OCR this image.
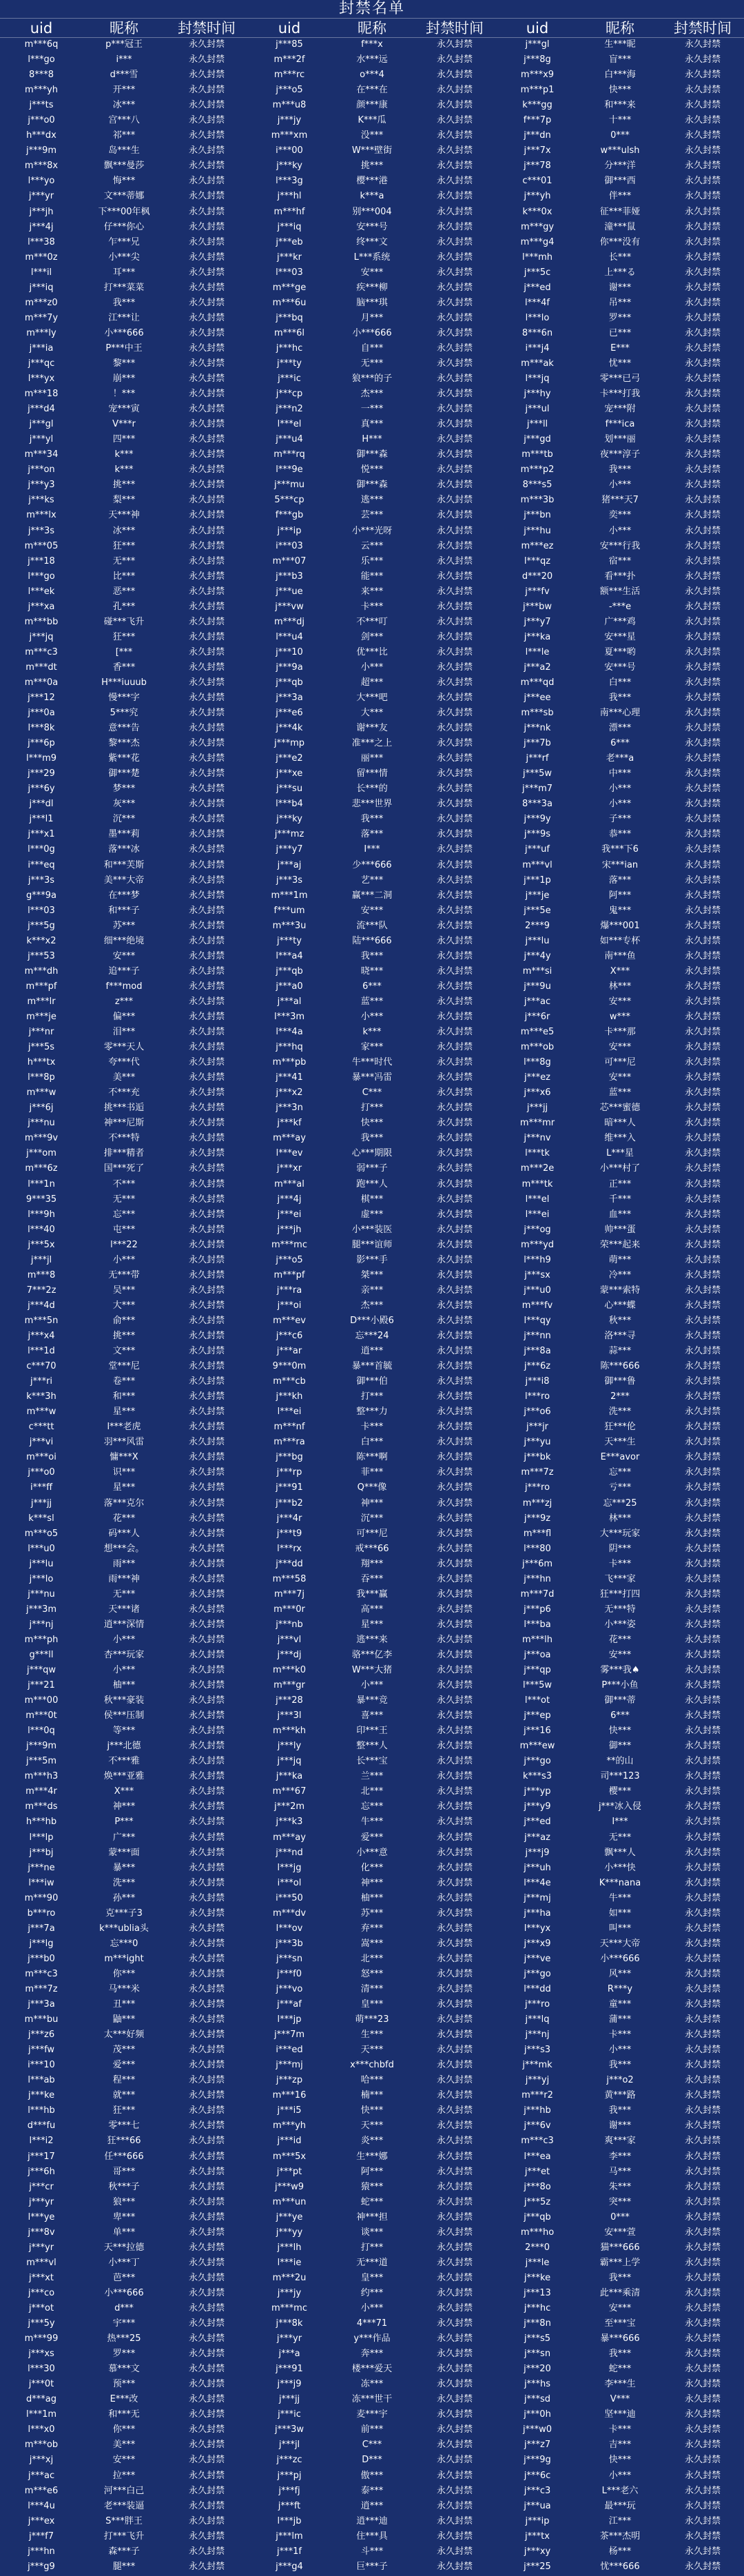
封禁名单
uid	昵称	封禁时间	uid	昵称	封禁时间	uid	昵称	封禁时间
m***6q	p***冠王	永久封禁	j***85	f***x	永久封禁	j***gl	生***昵	永久封禁
l***go	i***	永久封禁	m***2f	水***远	永久封禁	j***8g	盲***	永久封禁
8***8	d***雪	永久封禁	m***rc	o***4	永久封禁	m***x9	白***海	永久封禁
m***yh	开***	永久封禁	j***o5	在***在	永久封禁	m***p1	快***	永久封禁
j***ts	冰***	永久封禁	m***u8	颜***康	永久封禁	k***gg	和***来	永久封禁
j***o0	宫***八	永久封禁	j***jy	K***瓜	永久封禁	f***7p	十***	永久封禁
h***dx	祁***	永久封禁	m***xm	没***	永久封禁	j***dn	0***	永久封禁
j***9m	岛***生	永久封禁	i***00	W***壁街	永久封禁	j***7x	w***ulsh	永久封禁
m***8x	飘***曼莎	永久封禁	j***ky	挑***	永久封禁	j***78	分***洋	永久封禁
l***yo	悔***	永久封禁	l***3g	樱***港	永久封禁	c***01	御***西	永久封禁
j***yr	文***蒂娜	永久封禁	j***hl	k***a	永久封禁	j***yh	伴***	永久封禁
j***jh	下***00年枫	永久封禁	m***hf	别***004	永久封禁	k***0x	征***菲娅	永久封禁
j***4j	仔***你心	永久封禁	j***iq	安***号	永久封禁	m***gy	潼***鼠	永久封禁
l***38	乍***兄	永久封禁	j***eb	终***文	永久封禁	m***g4	你***没有	永久封禁
m***0z	小***尖	永久封禁	j***kr	L***系统	永久封禁	l***mh	长***	永久封禁
l***il	耳***	永久封禁	l***03	安***	永久封禁	j***5c	上***る	永久封禁
j***iq	打***菜菜	永久封禁	m***ge	疾***柳	永久封禁	j***ed	谢***	永久封禁
m***z0	我***	永久封禁	m***6u	脑***琪	永久封禁	l***4f	吊***	永久封禁
m***7y	江***让	永久封禁	j***bq	月***	永久封禁	l***lo	罗***	永久封禁
m***ly	小***666	永久封禁	m***6l	小***666	永久封禁	8***6n	已***	永久封禁
j***ia	P***中王	永久封禁	j***hc	自***	永久封禁	i***j4	E***	永久封禁
j***qc	黎***	永久封禁	j***ty	无***	永久封禁	m***ak	忧***	永久封禁
l***yx	崩***	永久封禁	j***ic	狼***的子	永久封禁	l***jq	零***已弓	永久封禁
m***18	！***	永久封禁	j***cp	杰***	永久封禁	j***hy	卡***打我	永久封禁
j***d4	宠***寅	永久封禁	j***n2	一***	永久封禁	j***ul	宠***附	永久封禁
j***gl	V***r	永久封禁	l***el	真***	永久封禁	j***ll	f***ica	永久封禁
j***yl	四***	永久封禁	j***u4	H***	永久封禁	j***gd	划***丽	永久封禁
m***34	k***	永久封禁	m***rq	御***森	永久封禁	m***tb	夜***淳子	永久封禁
j***on	k***	永久封禁	l***9e	悦***	永久封禁	m***p2	我***	永久封禁
j***y3	挑***	永久封禁	j***mu	御***森	永久封禁	8***s5	小***	永久封禁
j***ks	梨***	永久封禁	5***cp	逃***	永久封禁	m***3b	猪***天7	永久封禁
m***lx	天***神	永久封禁	f***gb	芸***	永久封禁	j***bn	奕***	永久封禁
j***3s	冰***	永久封禁	j***ip	小***光呀	永久封禁	j***hu	小***	永久封禁
m***05	狂***	永久封禁	i***03	云***	永久封禁	m***ez	安***行我	永久封禁
j***18	无***	永久封禁	m***07	乐***	永久封禁	l***qz	宿***	永久封禁
l***go	比***	永久封禁	j***b3	能***	永久封禁	d***20	看***扑	永久封禁
l***ek	恶***	永久封禁	j***ue	来***	永久封禁	j***fv	额***生活	永久封禁
j***xa	孔***	永久封禁	j***vw	卡***	永久封禁	j***bw	-***e	永久封禁
m***bb	碰***飞升	永久封禁	m***dj	不***叮	永久封禁	j***y7	广***鸡	永久封禁
j***jq	狂***	永久封禁	l***u4	剑***	永久封禁	j***ka	安***星	永久封禁
m***c3	[***	永久封禁	j***10	优***比	永久封禁	l***le	夏***哟	永久封禁
m***dt	香***	永久封禁	j***9a	小***	永久封禁	j***a2	安***号	永久封禁
m***0a	H***iuuub	永久封禁	j***qb	超***	永久封禁	m***qd	白***	永久封禁
j***12	慢***字	永久封禁	j***3a	大***吧	永久封禁	j***ee	我***	永久封禁
j***0a	5***究	永久封禁	j***e6	大***	永久封禁	m***sb	南***心理	永久封禁
l***8k	意***告	永久封禁	j***4k	谢***友	永久封禁	j***nk	漂***	永久封禁
j***6p	黎***杰	永久封禁	j***mp	准***之上	永久封禁	j***7b	6***	永久封禁
l***m9	紫***花	永久封禁	j***e2	丽***	永久封禁	j***rf	老***a	永久封禁
j***29	御***楚	永久封禁	j***xe	留***情	永久封禁	j***5w	中***	永久封禁
j***6y	梦***	永久封禁	j***su	长***的	永久封禁	j***m7	小***	永久封禁
j***dl	灰***	永久封禁	l***b4	悲***世界	永久封禁	8***3a	小***	永久封禁
j***l1	沉***	永久封禁	j***ky	我***	永久封禁	j***9y	子***	永久封禁
j***x1	墨***莉	永久封禁	j***mz	落***	永久封禁	j***9s	恭***	永久封禁
l***0g	落***冰	永久封禁	j***y7	I***	永久封禁	j***uf	我***下6	永久封禁
i***eq	和***芙斯	永久封禁	j***aj	少***666	永久封禁	m***vl	宋***ian	永久封禁
j***3s	美***大帝	永久封禁	j***3s	艺***	永久封禁	j***1p	落***	永久封禁
g***9a	在***梦	永久封禁	m***1m	赢***二洞	永久封禁	j***je	阿***	永久封禁
l***03	和***子	永久封禁	f***um	安***	永久封禁	j***5e	鬼***	永久封禁
j***5g	苏***	永久封禁	m***3u	流***队	永久封禁	2***9	爆***001	永久封禁
k***x2	细***绝境	永久封禁	j***ty	陆***666	永久封禁	j***lu	如***专杯	永久封禁
j***53	安***	永久封禁	l***a4	我***	永久封禁	j***4y	南***鱼	永久封禁
m***dh	追***子	永久封禁	j***qb	晓***	永久封禁	m***si	X***	永久封禁
m***pf	f***mod	永久封禁	j***a0	6***	永久封禁	j***9u	林***	永久封禁
m***lr	z***	永久封禁	j***al	蓝***	永久封禁	j***ac	安***	永久封禁
m***je	偏***	永久封禁	l***3m	小***	永久封禁	j***6r	w***	永久封禁
j***nr	泪***	永久封禁	l***4a	k***	永久封禁	m***e5	卡***那	永久封禁
j***5s	零***天人	永久封禁	j***hq	家***	永久封禁	m***ob	安***	永久封禁
h***tx	夸***代	永久封禁	m***pb	牛***时代	永久封禁	l***8g	可***尼	永久封禁
l***8p	美***	永久封禁	j***41	暴***冯雷	永久封禁	j***ez	安***	永久封禁
m***w	不***充	永久封禁	j***x2	C***	永久封禁	j***x6	蓝***	永久封禁
j***6j	挑***书逅	永久封禁	j***3n	打***	永久封禁	j***jj	芯***蜜德	永久封禁
j***nu	神***尼斯	永久封禁	j***kf	快***	永久封禁	m***mr	暗***人	永久封禁
m***9v	不***特	永久封禁	m***ay	我***	永久封禁	j***nv	维***入	永久封禁
j***om	排***精者	永久封禁	l***ev	心***期限	永久封禁	l***tk	L***星	永久封禁
m***6z	国***死了	永久封禁	j***xr	弱***子	永久封禁	m***2e	小***村了	永久封禁
l***1n	不***	永久封禁	m***al	跑***人	永久封禁	m***tk	正***	永久封禁
9***35	无***	永久封禁	j***4j	棋***	永久封禁	l***el	千***	永久封禁
l***9h	忘***	永久封禁	j***ei	虚***	永久封禁	l***ei	血***	永久封禁
l***40	屯***	永久封禁	j***jh	小***装医	永久封禁	j***og	帅***蛋	永久封禁
j***5x	l***22	永久封禁	m***mc	腿***谊师	永久封禁	m***yd	荣***起来	永久封禁
j***jl	小***	永久封禁	j***o5	影***手	永久封禁	l***h9	萌***	永久封禁
m***8	无***带	永久封禁	m***pf	桀***	永久封禁	j***sx	冷***	永久封禁
7***2z	吴***	永久封禁	j***ra	亲***	永久封禁	j***u0	蒙***索特	永久封禁
j***4d	大***	永久封禁	j***oi	杰***	永久封禁	m***fv	心***蝶	永久封禁
m***5n	俞***	永久封禁	m***ev	D***小殿6	永久封禁	l***qy	秋***	永久封禁
j***x4	挑***	永久封禁	j***c6	忘***24	永久封禁	j***nn	洛***寻	永久封禁
l***1d	文***	永久封禁	j***ar	逍***	永久封禁	j***8a	蒜***	永久封禁
c***70	堂***尼	永久封禁	9***0m	暴***首毓	永久封禁	j***6z	陈***666	永久封禁
j***ri	卷***	永久封禁	m***cb	御***伯	永久封禁	j***i8	御***鲁	永久封禁
k***3h	和***	永久封禁	j***kh	打***	永久封禁	l***ro	2***	永久封禁
m***w	星***	永久封禁	l***ei	整***力	永久封禁	j***o6	洗***	永久封禁
c***tt	l***老虎	永久封禁	m***nf	卡***	永久封禁	j***jr	狂***伦	永久封禁
j***vi	羽***风雷	永久封禁	m***ra	白***	永久封禁	j***yu	天***生	永久封禁
m***oi	慵***X	永久封禁	j***bg	陈***啊	永久封禁	j***bk	E***avor	永久封禁
j***o0	识***	永久封禁	j***rp	菲***	永久封禁	m***7z	忘***	永久封禁
i***ff	星***	永久封禁	j***91	Q***像	永久封禁	j***ro	亏***	永久封禁
j***jj	落***克尔	永久封禁	j***b2	神***	永久封禁	m***zj	忘***25	永久封禁
k***sl	花***	永久封禁	j***4r	沉***	永久封禁	j***9z	林***	永久封禁
m***o5	码***人	永久封禁	j***t9	可***尼	永久封禁	m***fl	大***玩家	永久封禁
l***u0	想***会。	永久封禁	l***rx	戒***66	永久封禁	l***80	阴***	永久封禁
j***lu	雨***	永久封禁	j***dd	翔***	永久封禁	j***6m	卡***	永久封禁
j***lo	雨***神	永久封禁	m***58	吞***	永久封禁	j***hn	飞***家	永久封禁
j***nu	无***	永久封禁	m***7j	我***赢	永久封禁	m***7d	狂***打四	永久封禁
j***3m	天***诸	永久封禁	m***0r	高***	永久封禁	j***p6	无***特	永久封禁
j***nj	逍***深情	永久封禁	j***nb	星***	永久封禁	l***ba	小***姿	永久封禁
m***ph	小***	永久封禁	j***vl	逃***来	永久封禁	m***lh	花***	永久封禁
g***ll	杏***玩家	永久封禁	j***dj	骆***亿李	永久封禁	j***oa	安***	永久封禁
j***qw	小***	永久封禁	m***k0	W***大猪	永久封禁	j***qp	雾***我♠	永久封禁
j***21	柚***	永久封禁	m***gr	小***	永久封禁	l***5w	P***小鱼	永久封禁
m***00	秋***豪装	永久封禁	j***28	暴***竞	永久封禁	l***ot	御***蒂	永久封禁
m***0t	侯***压制	永久封禁	j***3l	喜***	永久封禁	j***ep	6***	永久封禁
l***0q	等***	永久封禁	m***kh	印***王	永久封禁	j***16	快***	永久封禁
j***9m	j***北德	永久封禁	j***ly	整***人	永久封禁	m***ew	御***	永久封禁
j***5m	不***雅	永久封禁	j***jq	长***宝	永久封禁	j***go	**的山	永久封禁
m***h3	焕***亚雅	永久封禁	j***ka	兰***	永久封禁	k***s3	司***123	永久封禁
m***4r	X***	永久封禁	m***67	北***	永久封禁	j***yp	樱***	永久封禁
m***ds	神***	永久封禁	j***2m	忘***	永久封禁	j***y9	j***冰入侵	永久封禁
h***hb	P***	永久封禁	j***k3	牛***	永久封禁	j***ed	I***	永久封禁
l***lp	广***	永久封禁	m***ay	爱***	永久封禁	j***az	无***	永久封禁
j***bj	蒙***面	永久封禁	j***nd	小***意	永久封禁	j***j9	飘***人	永久封禁
j***ne	暴***	永久封禁	l***jg	化***	永久封禁	j***uh	小***快	永久封禁
l***iw	洗***	永久封禁	i***ol	神***	永久封禁	l***4e	K***nana	永久封禁
m***90	孙***	永久封禁	i***50	柚***	永久封禁	j***mj	牛***	永久封禁
b***ro	克***子3	永久封禁	m***dv	苏***	永久封禁	j***ha	如***	永久封禁
j***7a	k***ublia头	永久封禁	l***ov	弃***	永久封禁	l***yx	叫***	永久封禁
j***lg	忘***0	永久封禁	j***3b	嵩***	永久封禁	j***x9	天***大帝	永久封禁
j***b0	m***ight	永久封禁	j***sn	北***	永久封禁	j***ve	小***666	永久封禁
m***c3	你***	永久封禁	j***f0	怒***	永久封禁	j***go	风***	永久封禁
m***7z	马***米	永久封禁	j***vo	清***	永久封禁	l***dd	R***y	永久封禁
j***3a	丑***	永久封禁	j***af	皇***	永久封禁	j***ro	童***	永久封禁
m***bu	鼬***	永久封禁	l***jp	萌***23	永久封禁	j***lq	蒲***	永久封禁
j***z6	太***好频	永久封禁	j***7m	生***	永久封禁	j***nj	卡***	永久封禁
j***fw	茂***	永久封禁	i***ed	天***	永久封禁	j***s3	小***	永久封禁
i***10	爱***	永久封禁	j***mj	x***chbfd	永久封禁	j***mk	我***	永久封禁
l***ab	程***	永久封禁	j***zp	哈***	永久封禁	j***yj	j***o2	永久封禁
j***ke	就***	永久封禁	m***16	楠***	永久封禁	m***r2	黄***路	永久封禁
l***hb	狂***	永久封禁	j***i5	快***	永久封禁	j***hb	我***	永久封禁
d***fu	零***七	永久封禁	m***yh	天***	永久封禁	j***6v	谢***	永久封禁
l***i2	狂***66	永久封禁	j***id	炎***	永久封禁	m***c3	爽***家	永久封禁
j***17	任***666	永久封禁	m***5x	生***娜	永久封禁	l***ea	李***	永久封禁
j***6h	哥***	永久封禁	j***pt	阿***	永久封禁	j***et	马***	永久封禁
j***cr	秋***子	永久封禁	j***w9	猿***	永久封禁	j***8o	朱***	永久封禁
j***yr	狼***	永久封禁	m***un	蛇***	永久封禁	j***5z	突***	永久封禁
l***ye	卑***	永久封禁	j***ye	神***担	永久封禁	j***qb	0***	永久封禁
j***8v	单***	永久封禁	j***yy	谈***	永久封禁	m***ho	安***萱	永久封禁
j***yr	天***拉德	永久封禁	j***lh	打***	永久封禁	2***0	猫***666	永久封禁
m***vl	小***丁	永久封禁	l***ie	无***道	永久封禁	j***le	霸***上学	永久封禁
j***xt	芭***	永久封禁	m***2u	皇***	永久封禁	j***ke	我***	永久封禁
j***co	小***666	永久封禁	j***jy	约***	永久封禁	j***13	此***乘清	永久封禁
j***ot	d***	永久封禁	m***mc	小***	永久封禁	j***hc	安***	永久封禁
j***5y	宇***	永久封禁	j***8k	4***71	永久封禁	j***8n	至***宝	永久封禁
m***99	热***25	永久封禁	j***yr	y***作品	永久封禁	j***s5	暴***666	永久封禁
j***xs	罗***	永久封禁	j***a	奔***	永久封禁	j***sn	我***	永久封禁
l***30	慕***文	永久封禁	j***91	楼***爱天	永久封禁	j***20	蛇***	永久封禁
j***0t	预***	永久封禁	j***j9	冻***	永久封禁	j***hs	李***生	永久封禁
d***ag	E***改	永久封禁	j***jj	冻***世干	永久封禁	j***sd	V***	永久封禁
l***1m	和***无	永久封禁	j***ic	麦***宇	永久封禁	j***0h	坚***迪	永久封禁
l***x0	你***	永久封禁	j***3w	前***	永久封禁	j***w0	卡***	永久封禁
m***ob	美***	永久封禁	j***jl	C***	永久封禁	j***z7	吉***	永久封禁
j***xj	安***	永久封禁	j***zc	D***	永久封禁	j***9g	快***	永久封禁
j***ac	拉***	永久封禁	j***pj	傲***	永久封禁	j***6c	小***	永久封禁
m***e6	河***白己	永久封禁	j***fj	泰***	永久封禁	j***c3	L***老六	永久封禁
l***4u	老***装逼	永久封禁	j***ft	逍***	永久封禁	j***ua	最***玩	永久封禁
j***ex	S***胖王	永久封禁	l***jb	逍***迪	永久封禁	j***ip	江***	永久封禁
j***f7	打***飞升	永久封禁	j***lm	住***具	永久封禁	j***tx	茶***杰明	永久封禁
j***hn	森***子	永久封禁	j***1f	斗***	永久封禁	j***xy	杨***	永久封禁
j***g9	腿***	永久封禁	j***g4	巨***子	永久封禁	j***25	忧***666	永久封禁
